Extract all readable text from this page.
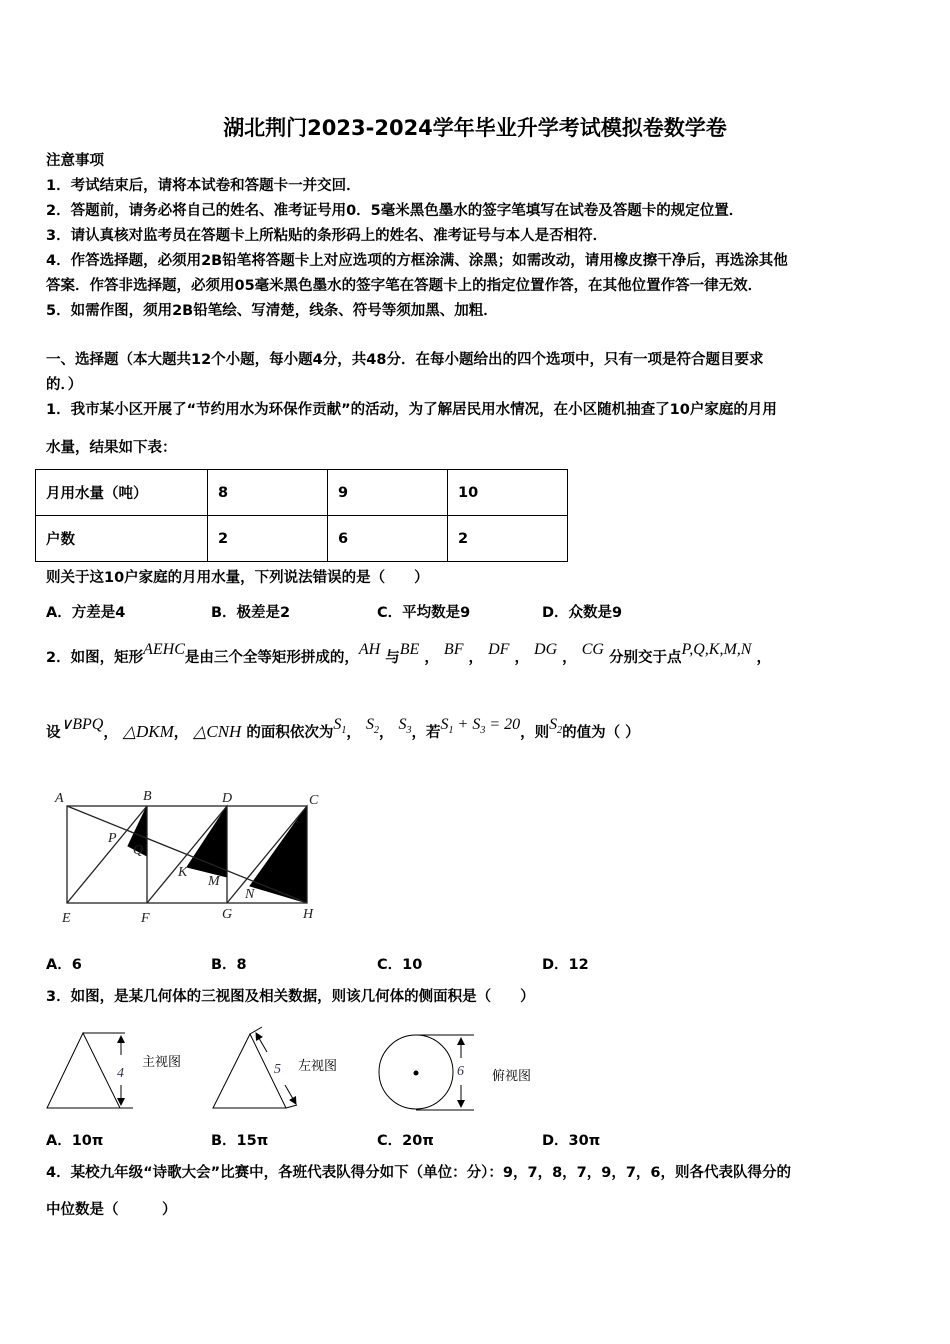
湖北荆门2023-2024学年毕业升学考试模拟卷数学卷
注意事项
1．考试结束后，请将本试卷和答题卡一并交回．
2．答题前，请务必将自己的姓名、准考证号用0．5毫米黑色墨水的签字笔填写在试卷及答题卡的规定位置．
3．请认真核对监考员在答题卡上所粘贴的条形码上的姓名、准考证号与本人是否相符．
4．作答选择题，必须用2B铅笔将答题卡上对应选项的方框涂满、涂黑；如需改动，请用橡皮擦干净后，再选涂其他
答案．作答非选择题，必须用05毫米黑色墨水的签字笔在答题卡上的指定位置作答，在其他位置作答一律无效．
5．如需作图，须用2B铅笔绘、写清楚，线条、符号等须加黑、加粗．
一、选择题（本大题共12个小题，每小题4分，共48分．在每小题给出的四个选项中，只有一项是符合题目要求
的．）
1．我市某小区开展了“节约用水为环保作贡献”的活动，为了解居民用水情况，在小区随机抽查了10户家庭的月用
水量，结果如下表：
月用水量（吨）	8	9	10
户数	2	6	2
则关于这10户家庭的月用水量，下列说法错误的是（　　）
A．方差是4	B．极差是2	C．平均数是9	D．众数是9
2．如图，矩形AEHC是由三个全等矩形拼成的，AH 与BE ， BF ， DF ， DG ， CG 分别交于点P,Q,K,M,N ，
设∨BPQ， △DKM， △CNH 的面积依次为$S_1$， $S_2$， $S_3$，若$S_1 + S_3 = 20$，则$S_2$的值为（ ）
A	B	D	C
E	F	G	H
P
Q
K
M
N
A．6	B．8	C．10	D．12
3．如图，是某几何体的三视图及相关数据，则该几何体的侧面积是（　　）
4	5	6
主视图	左视图
俯视图
A．10π	B．15π	C．20π	D．30π
4．某校九年级“诗歌大会”比赛中，各班代表队得分如下（单位：分）：9，7，8，7，9，7，6，则各代表队得分的
中位数是（　　　）
